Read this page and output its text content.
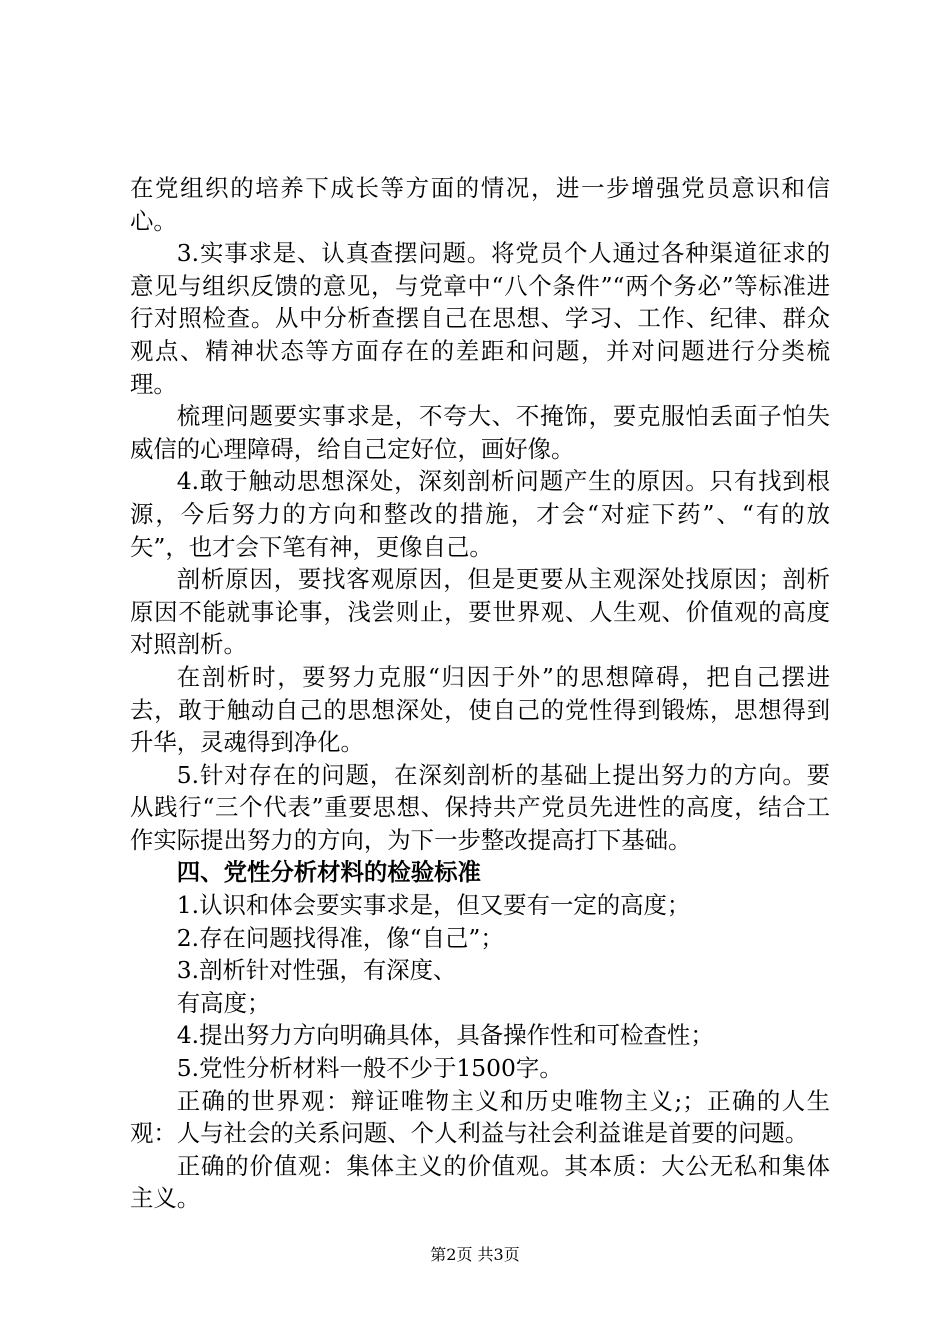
在党组织的培养下成长等方面的情况，进一步增强党员意识和信心。

3.实事求是、认真查摆问题。将党员个人通过各种渠道征求的意见与组织反馈的意见，与党章中“八个条件”“两个务必”等标准进行对照检查。从中分析查摆自己在思想、学习、工作、纪律、群众观点、精神状态等方面存在的差距和问题，并对问题进行分类梳理。

梳理问题要实事求是，不夸大、不掩饰，要克服怕丢面子怕失威信的心理障碍，给自己定好位，画好像。

4.敢于触动思想深处，深刻剖析问题产生的原因。只有找到根源，今后努力的方向和整改的措施，才会“对症下药”、“有的放矢”，也才会下笔有神，更像自己。

剖析原因，要找客观原因，但是更要从主观深处找原因；剖析原因不能就事论事，浅尝则止，要世界观、人生观、价值观的高度对照剖析。

在剖析时，要努力克服“归因于外”的思想障碍，把自己摆进去，敢于触动自己的思想深处，使自己的党性得到锻炼，思想得到升华，灵魂得到净化。

5.针对存在的问题，在深刻剖析的基础上提出努力的方向。要从践行“三个代表”重要思想、保持共产党员先进性的高度，结合工作实际提出努力的方向，为下一步整改提高打下基础。

四、党性分析材料的检验标准

1.认识和体会要实事求是，但又要有一定的高度；

2.存在问题找得准，像“自己”；

3.剖析针对性强，有深度、

有高度；

4.提出努力方向明确具体，具备操作性和可检查性；

5.党性分析材料一般不少于1500字。

正确的世界观：辩证唯物主义和历史唯物主义;；正确的人生观：人与社会的关系问题、个人利益与社会利益谁是首要的问题。

正确的价值观：集体主义的价值观。其本质：大公无私和集体主义。

第2页 共3页
